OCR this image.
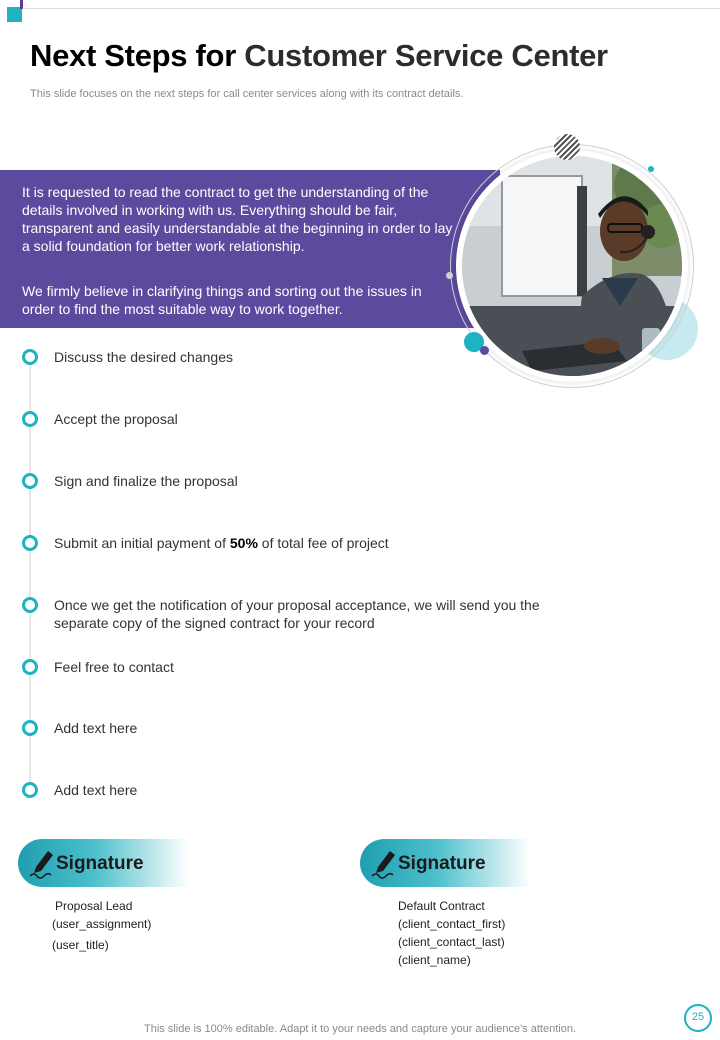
Next Steps for Customer Service Center
This slide focuses on the next steps for call center services along with its contract details.

It is requested to read the contract to get the understanding of the details involved in working with us. Everything should be fair, transparent and easily understandable at the beginning in order to lay a solid foundation for better work relationship.

We firmly believe in clarifying things and sorting out the issues in order to find the most suitable way to work together.

Discuss the desired changes
Accept the proposal
Sign and finalize the proposal
Submit an initial payment of 50% of total fee of project
Once we get the notification of your proposal acceptance, we will send you the separate copy of the signed contract for your record
Feel free to contact
Add text here
Add text here
Signature
Proposal Lead
(user_assignment)
(user_title)
Signature
Default Contract
(client_contact_first)
(client_contact_last)
(client_name)
This slide is 100% editable. Adapt it to your needs and capture your audience's attention.
25
